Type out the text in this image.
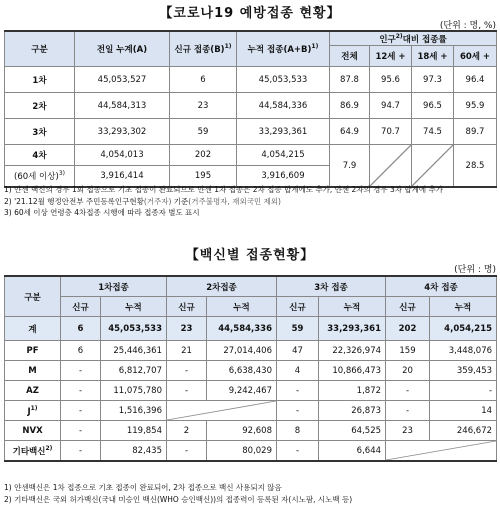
【코로나19 예방접종 현황】
(단위 : 명, %)
구분	전일 누계(A)	신규 접종$(B)^{1)}$	누적 접종$(A+B)^{1)}$	인구$^{2)}$대비 접종률			
				전체	12세 +	18세 +	60세 +
1차	45,053,527	6	45,053,533	87.8	95.6	97.3	96.4
2차	44,584,313	23	44,584,336	86.9	94.7	96.5	95.9
3차	33,293,302	59	33,293,361	64.9	70.7	74.5	89.7
4차	4,054,013	202	4,054,215	7.9			28.5
(60세 이상)$^{3)}$	3,916,414	195	3,916,609				
1) 얀센 백신의 경우 1회 접종으로 기초 접종이 완료되므로 얀센 1차 접종은 2차 접종 합계에도 추가, 얀센 2차의 경우 3차 합계에 추가
2) '21.12월 행정안전부 주민등록인구현황(거주자) 기준(거주불명자, 재외국민 제외)
3) 60세 이상 연령층 4차접종 시행에 따라 접종자 별도 표시
【백신별 접종현황】
(단위 : 명)
구분	1차접종		2차접종		3차 접종		4차 접종	
	신규	누적	신규	누적	신규	누적	신규	누적
계	6	45,053,533	23	44,584,336	59	33,293,361	202	4,054,215
PF	6	25,446,361	21	27,014,406	47	22,326,974	159	3,448,076
M	-	6,812,707	-	6,638,430	4	10,866,473	20	359,453
AZ	-	11,075,780	-	9,242,467	-	1,872	-	-
$J^{1)}$	-	1,516,396			-	26,873	-	14
NVX	-	119,854	2	92,608	8	64,525	23	246,672
기타백신$^{2)}$	-	82,435	-	80,029	-	6,644	
1) 얀센백신은 1차 접종으로 기초 접종이 완료되어, 2차 접종으로 백신 사용되지 않음
2) 기타백신은 국외 허가백신(국내 미승인 백신(WHO 승인백신))의 접종력이 등록된 자(시노팜, 시노백 등)
